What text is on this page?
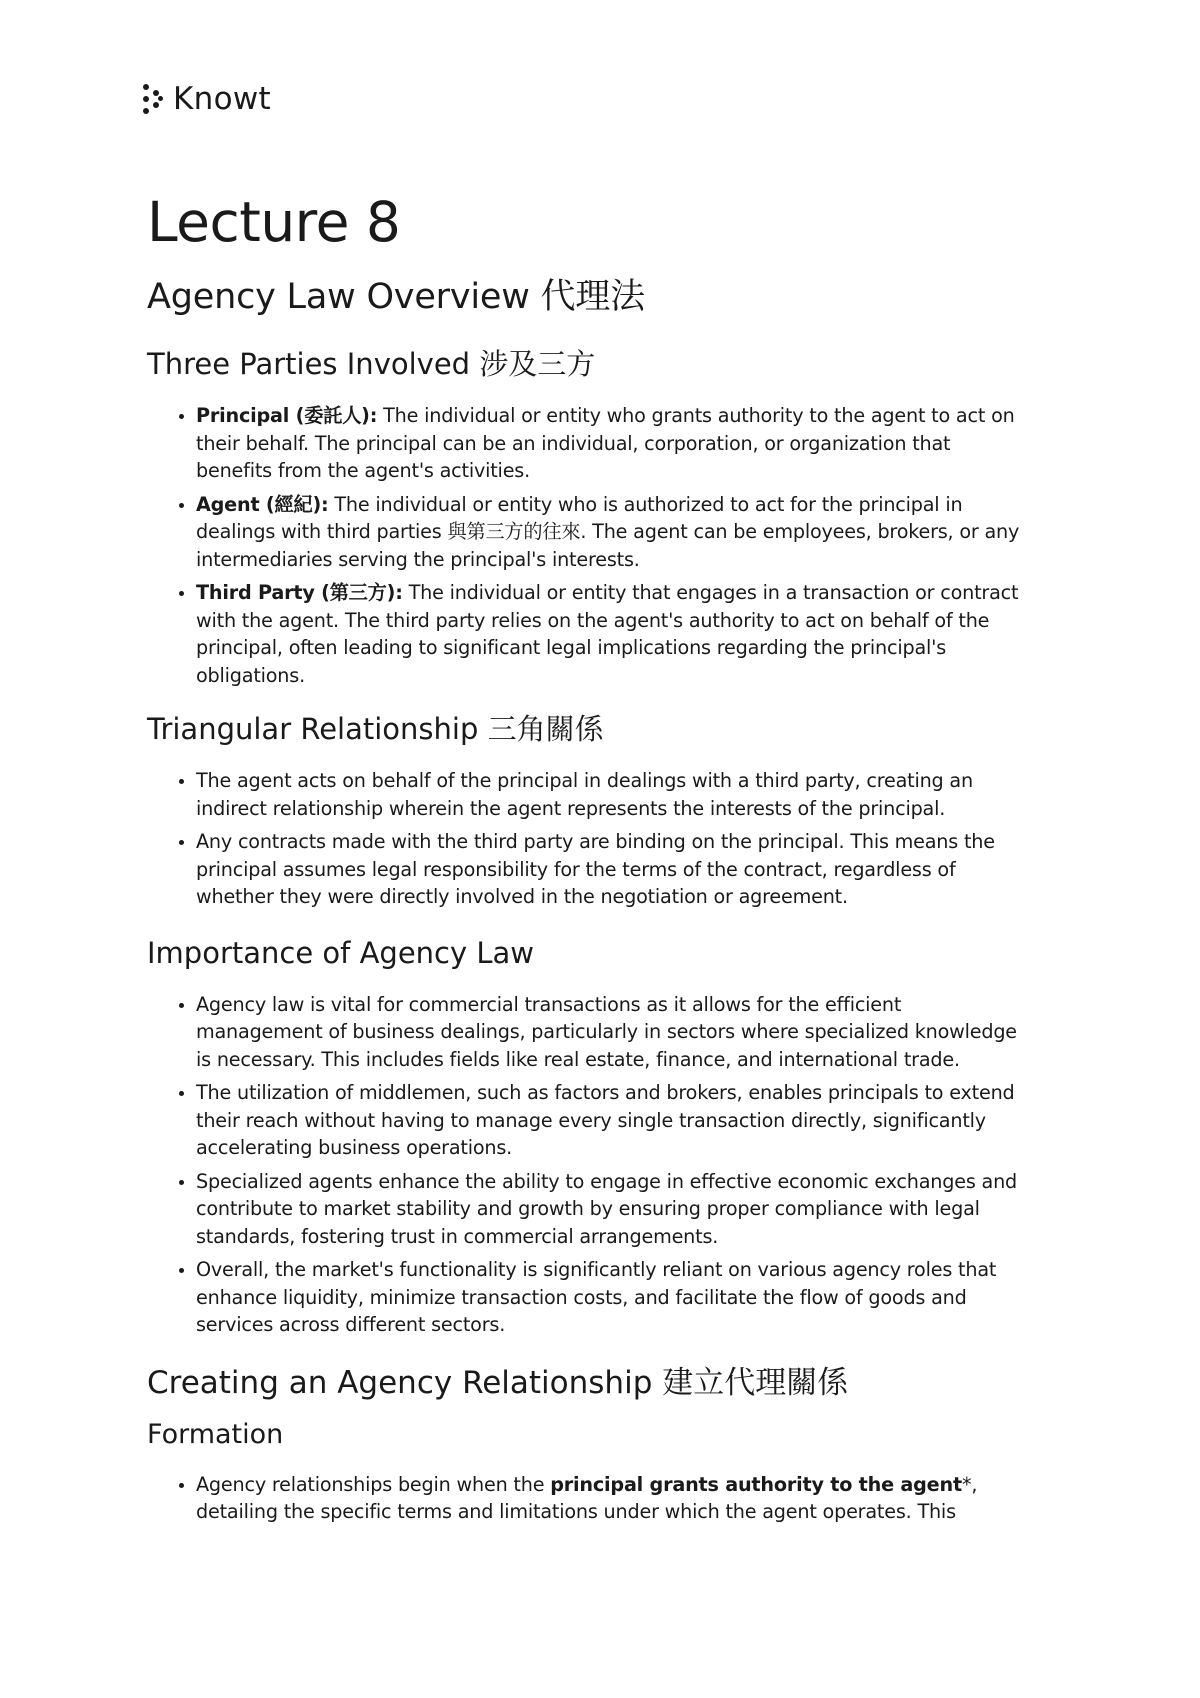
Knowt
Lecture 8
Agency Law Overview 代理法
Three Parties Involved 涉及三方
• Principal (委託人): The individual or entity who grants authority to the agent to act on their behalf. The principal can be an individual, corporation, or organization that benefits from the agent's activities.
• Agent (經紀): The individual or entity who is authorized to act for the principal in dealings with third parties 與第三方的往來. The agent can be employees, brokers, or any intermediaries serving the principal's interests.
• Third Party (第三方): The individual or entity that engages in a transaction or contract with the agent. The third party relies on the agent's authority to act on behalf of the principal, often leading to significant legal implications regarding the principal's obligations.
Triangular Relationship 三角關係
• The agent acts on behalf of the principal in dealings with a third party, creating an indirect relationship wherein the agent represents the interests of the principal.
• Any contracts made with the third party are binding on the principal. This means the principal assumes legal responsibility for the terms of the contract, regardless of whether they were directly involved in the negotiation or agreement.
Importance of Agency Law
• Agency law is vital for commercial transactions as it allows for the efficient management of business dealings, particularly in sectors where specialized knowledge is necessary. This includes fields like real estate, finance, and international trade.
• The utilization of middlemen, such as factors and brokers, enables principals to extend their reach without having to manage every single transaction directly, significantly accelerating business operations.
• Specialized agents enhance the ability to engage in effective economic exchanges and contribute to market stability and growth by ensuring proper compliance with legal standards, fostering trust in commercial arrangements.
• Overall, the market's functionality is significantly reliant on various agency roles that enhance liquidity, minimize transaction costs, and facilitate the flow of goods and services across different sectors.
Creating an Agency Relationship 建立代理關係
Formation
• Agency relationships begin when the principal grants authority to the agent*, detailing the specific terms and limitations under which the agent operates. This
